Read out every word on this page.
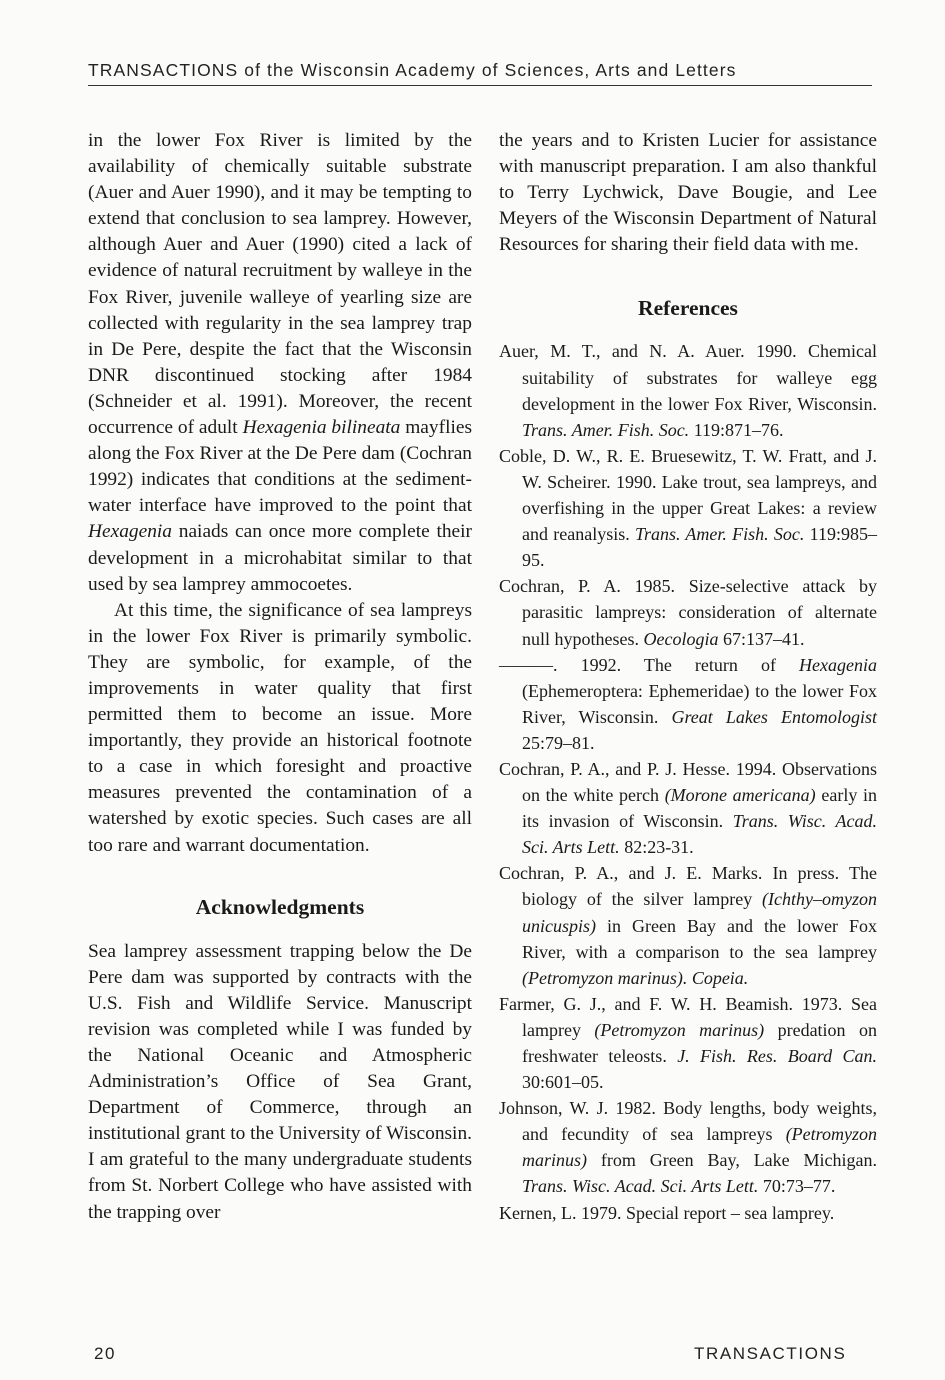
TRANSACTIONS of the Wisconsin Academy of Sciences, Arts and Letters

in the lower Fox River is limited by the availability of chemically suitable substrate (Auer and Auer 1990), and it may be tempting to extend that conclusion to sea lamprey. However, although Auer and Auer (1990) cited a lack of evidence of natural recruitment by walleye in the Fox River, juvenile walleye of yearling size are collected with regularity in the sea lamprey trap in De Pere, despite the fact that the Wisconsin DNR discontinued stocking after 1984 (Schneider et al. 1991). Moreover, the recent occurrence of adult Hexagenia bilineata mayflies along the Fox River at the De Pere dam (Cochran 1992) indicates that conditions at the sediment-water interface have improved to the point that Hexagenia naiads can once more complete their development in a microhabitat similar to that used by sea lamprey ammocoetes.

At this time, the significance of sea lampreys in the lower Fox River is primarily symbolic. They are symbolic, for example, of the improvements in water quality that first permitted them to become an issue. More importantly, they provide an historical footnote to a case in which foresight and proactive measures prevented the contamination of a watershed by exotic species. Such cases are all too rare and warrant documentation.

Acknowledgments

Sea lamprey assessment trapping below the De Pere dam was supported by contracts with the U.S. Fish and Wildlife Service. Manuscript revision was completed while I was funded by the National Oceanic and Atmospheric Administration’s Office of Sea Grant, Department of Commerce, through an institutional grant to the University of Wisconsin. I am grateful to the many undergraduate students from St. Norbert College who have assisted with the trapping over

the years and to Kristen Lucier for assistance with manuscript preparation. I am also thankful to Terry Lychwick, Dave Bougie, and Lee Meyers of the Wisconsin Department of Natural Resources for sharing their field data with me.

References

Auer, M. T., and N. A. Auer. 1990. Chemical suitability of substrates for walleye egg development in the lower Fox River, Wisconsin. Trans. Amer. Fish. Soc. 119:871–76.

Coble, D. W., R. E. Bruesewitz, T. W. Fratt, and J. W. Scheirer. 1990. Lake trout, sea lampreys, and overfishing in the upper Great Lakes: a review and reanalysis. Trans. Amer. Fish. Soc. 119:985–95.

Cochran, P. A. 1985. Size-selective attack by parasitic lampreys: consideration of alternate null hypotheses. Oecologia 67:137–41.

———. 1992. The return of Hexagenia (Ephemeroptera: Ephemeridae) to the lower Fox River, Wisconsin. Great Lakes Entomologist 25:79–81.

Cochran, P. A., and P. J. Hesse. 1994. Observations on the white perch (Morone americana) early in its invasion of Wisconsin. Trans. Wisc. Acad. Sci. Arts Lett. 82:23-31.

Cochran, P. A., and J. E. Marks. In press. The biology of the silver lamprey (Ichthy–omyzon unicuspis) in Green Bay and the lower Fox River, with a comparison to the sea lamprey (Petromyzon marinus). Copeia.

Farmer, G. J., and F. W. H. Beamish. 1973. Sea lamprey (Petromyzon marinus) predation on freshwater teleosts. J. Fish. Res. Board Can. 30:601–05.

Johnson, W. J. 1982. Body lengths, body weights, and fecundity of sea lampreys (Petromyzon marinus) from Green Bay, Lake Michigan. Trans. Wisc. Acad. Sci. Arts Lett. 70:73–77.

Kernen, L. 1979. Special report – sea lamprey.

20	TRANSACTIONS
